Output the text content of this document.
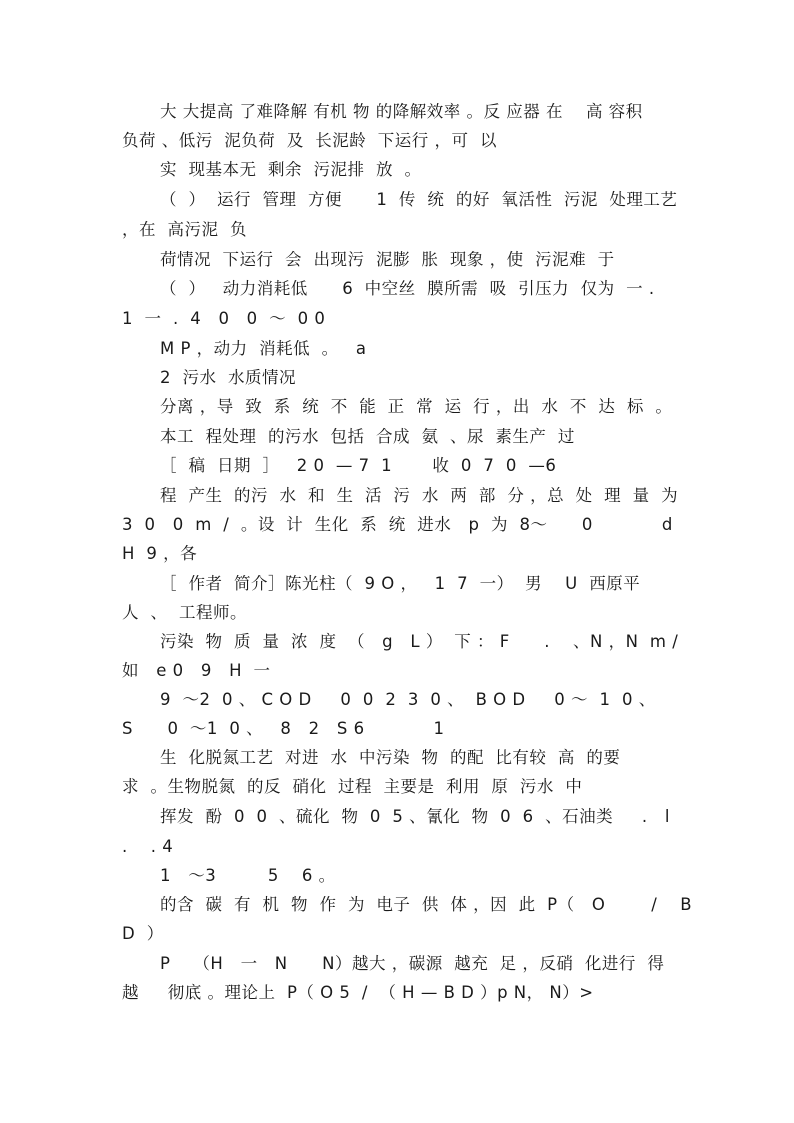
大 大提高 了难降解 有机 物 的降解效率 。反 应器 在    高 容积

负荷 、低污  泥负荷  及  长泥龄  下运行 ，可  以

实  现基本无  剩余  污泥排  放  。

（  ）  运行  管理  方便      1  传  统  的好  氧活性  污泥  处理工艺

，在  高污泥  负

荷情况  下运行  会  出现污  泥膨  胀  现象 ，使  污泥难  于

（  ）   动力消耗低      6  中空丝  膜所需  吸  引压力  仅为  一 .

1  一  .  4   0   0  ～  0 0

M P ，动力  消耗低  。   a

2  污水  水质情况

分离 ，导  致  系  统  不  能  正  常  运  行 ，出  水  不  达  标  。

本工  程处理  的污水  包括  合成  氨  、尿  素生产  过

［  稿  日期  ］   2 0  — 7  1       收  0  7  0  —6

程  产生  的污  水  和  生  活  污  水  两  部  分 ，总  处  理  量  为

3  0   0  m  /  。设  计  生化  系  统  进水   p  为  8～      0            d

H  9 ，各

［  作者  简介］陈光柱（  9 O ，   1  7  一）  男    U  西原平

人  、  工程师。

污染  物  质  量  浓  度  （   g   L ）  下 ： F      .    、N ，N  m /

如   e 0   9   H  一

9  ～2  0 、 C O D     0  0  2  3  0 、  B O D     0 ～  1  0 、

S      0  ～1  0 、   8   2   S 6            1

生  化脱氮工艺  对进  水  中污染  物  的配  比有较  高  的要

求  。生物脱氮  的反  硝化  过程  主要是  利用  原  污水  中

挥发  酚  0  0  、硫化  物  0  5 、氰化  物  0  6  、石油类     .   l

.    . 4

1   ～3         5    6 。

的含  碳  有  机  物  作  为  电子  供  体 ，因  此  P（   O        /    B

D  ）

P    （H   一   N      N）越大 ，碳源  越充  足 ，反硝  化进行  得

越     彻底 。理论上  P（ O 5  /  （ H — B D ）p N， N）>
